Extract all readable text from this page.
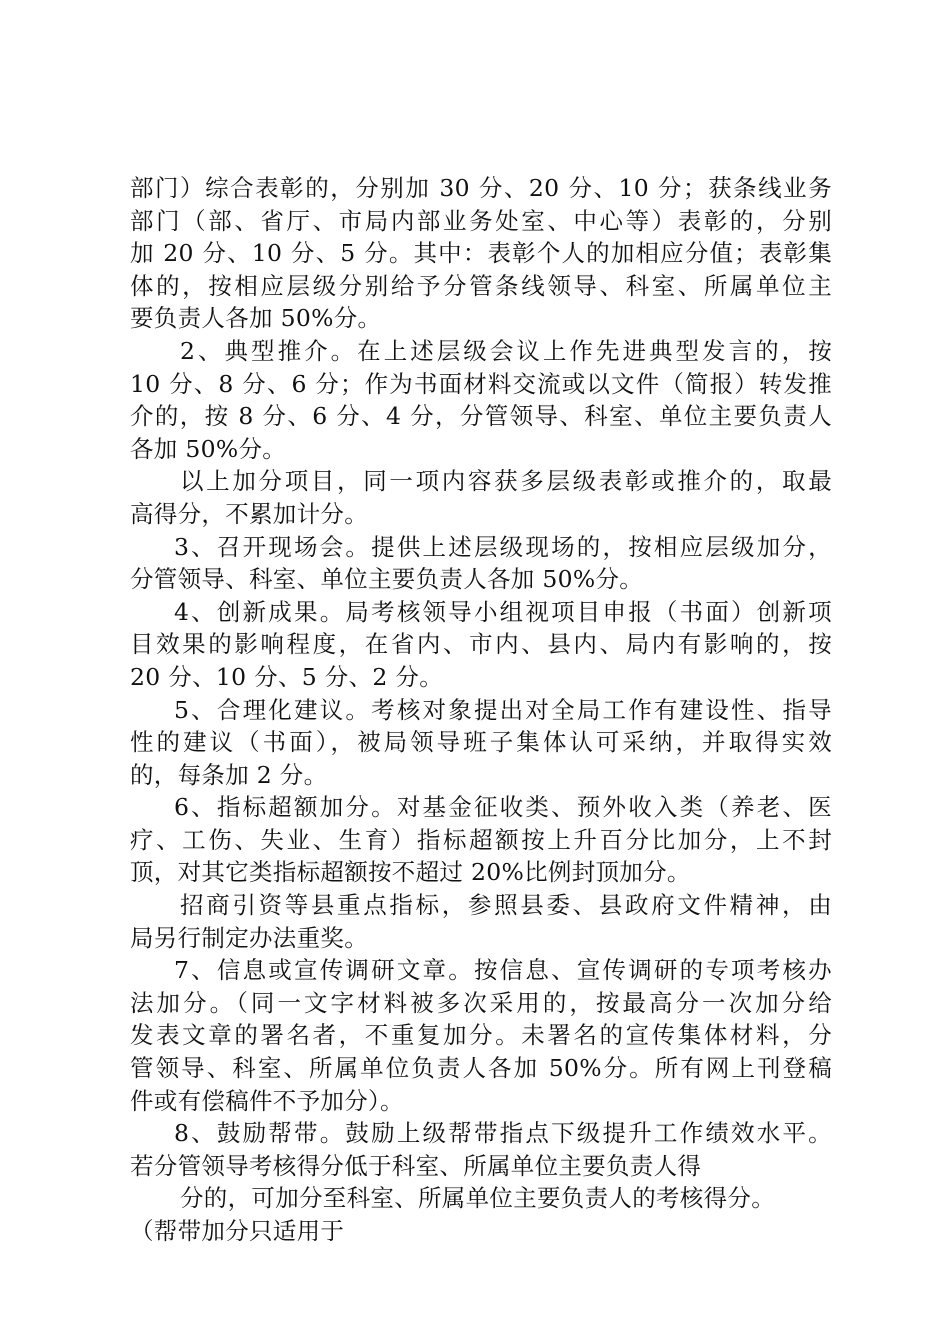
部门）综合表彰的，分别加 30 分、20 分、10 分；获条线业务
部门（部、省厅、市局内部业务处室、中心等）表彰的，分别
加 20 分、10 分、5 分。其中：表彰个人的加相应分值；表彰集
体的，按相应层级分别给予分管条线领导、科室、所属单位主
要负责人各加 50%分。
2、典型推介。在上述层级会议上作先进典型发言的，按
10 分、8 分、6 分；作为书面材料交流或以文件（简报）转发推
介的，按 8 分、6 分、4 分，分管领导、科室、单位主要负责人
各加 50%分。
以上加分项目，同一项内容获多层级表彰或推介的，取最
高得分，不累加计分。
3、召开现场会。提供上述层级现场的，按相应层级加分，
分管领导、科室、单位主要负责人各加 50%分。
4、创新成果。局考核领导小组视项目申报（书面）创新项
目效果的影响程度，在省内、市内、县内、局内有影响的，按
20 分、10 分、5 分、2 分。
5、合理化建议。考核对象提出对全局工作有建设性、指导
性的建议（书面），被局领导班子集体认可采纳，并取得实效
的，每条加 2 分。
6、指标超额加分。对基金征收类、预外收入类（养老、医
疗、工伤、失业、生育）指标超额按上升百分比加分，上不封
顶，对其它类指标超额按不超过 20%比例封顶加分。
招商引资等县重点指标，参照县委、县政府文件精神，由
局另行制定办法重奖。
7、信息或宣传调研文章。按信息、宣传调研的专项考核办
法加分。（同一文字材料被多次采用的，按最高分一次加分给
发表文章的署名者，不重复加分。未署名的宣传集体材料，分
管领导、科室、所属单位负责人各加 50%分。所有网上刊登稿
件或有偿稿件不予加分）。
8、鼓励帮带。鼓励上级帮带指点下级提升工作绩效水平。
若分管领导考核得分低于科室、所属单位主要负责人得
分的，可加分至科室、所属单位主要负责人的考核得分。
（帮带加分只适用于
